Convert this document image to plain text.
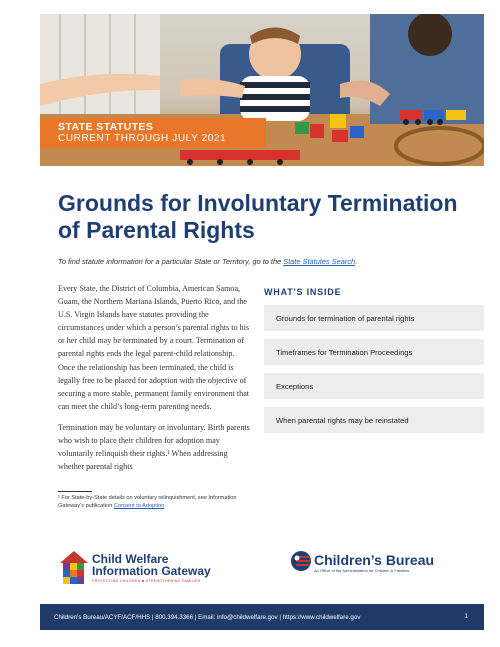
STATE STATUTES
CURRENT THROUGH JULY 2021
Grounds for Involuntary Termination of Parental Rights
To find statute information for a particular State or Territory, go to the State Statutes Search.

Every State, the District of Columbia, American Samoa, Guam, the Northern Mariana Islands, Puerto Rico, and the U.S. Virgin Islands have statutes providing the circumstances under which a person’s parental rights to his or her child may be terminated by a court. Termination of parental rights ends the legal parent-child relationship. Once the relationship has been terminated, the child is legally free to be placed for adoption with the objective of securing a more stable, permanent family environment that can meet the child’s long-term parenting needs.

Termination may be voluntary or involuntary. Birth parents who wish to place their children for adoption may voluntarily relinquish their rights.¹ When addressing whether parental rights

¹ For State-by-State details on voluntary relinquishment, see Information Gateway’s publication Consent to Adoption.
WHAT'S INSIDE
Grounds for termination of parental rights
Timeframes for Termination Proceedings
Exceptions
When parental rights may be reinstated
Child Welfare
Information Gateway
PROTECTING CHILDREN ■ STRENGTHENING FAMILIES
Children’s Bureau
An Office of the Administration for Children & Families
Children’s Bureau/ACYF/ACF/HHS | 800.394.3366 | Email: info@childwelfare.gov | https://www.childwelfare.gov	1
